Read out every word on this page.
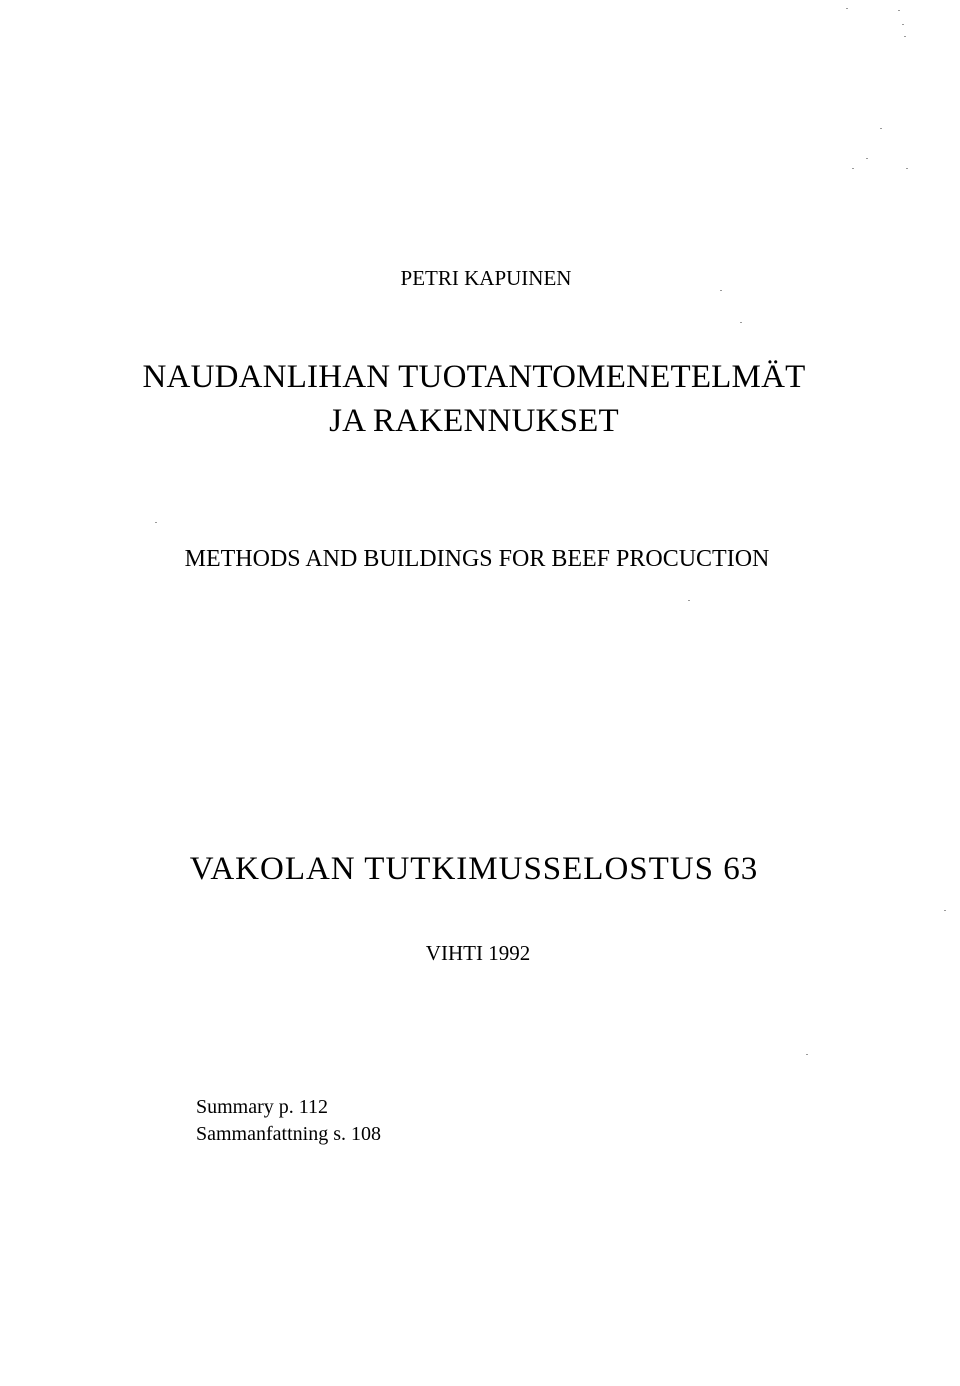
PETRI KAPUINEN
NAUDANLIHAN TUOTANTOMENETELMÄT
JA RAKENNUKSET
METHODS AND BUILDINGS FOR BEEF PROCUCTION
VAKOLAN TUTKIMUSSELOSTUS 63
VIHTI 1992
Summary p. 112
Sammanfattning s. 108
